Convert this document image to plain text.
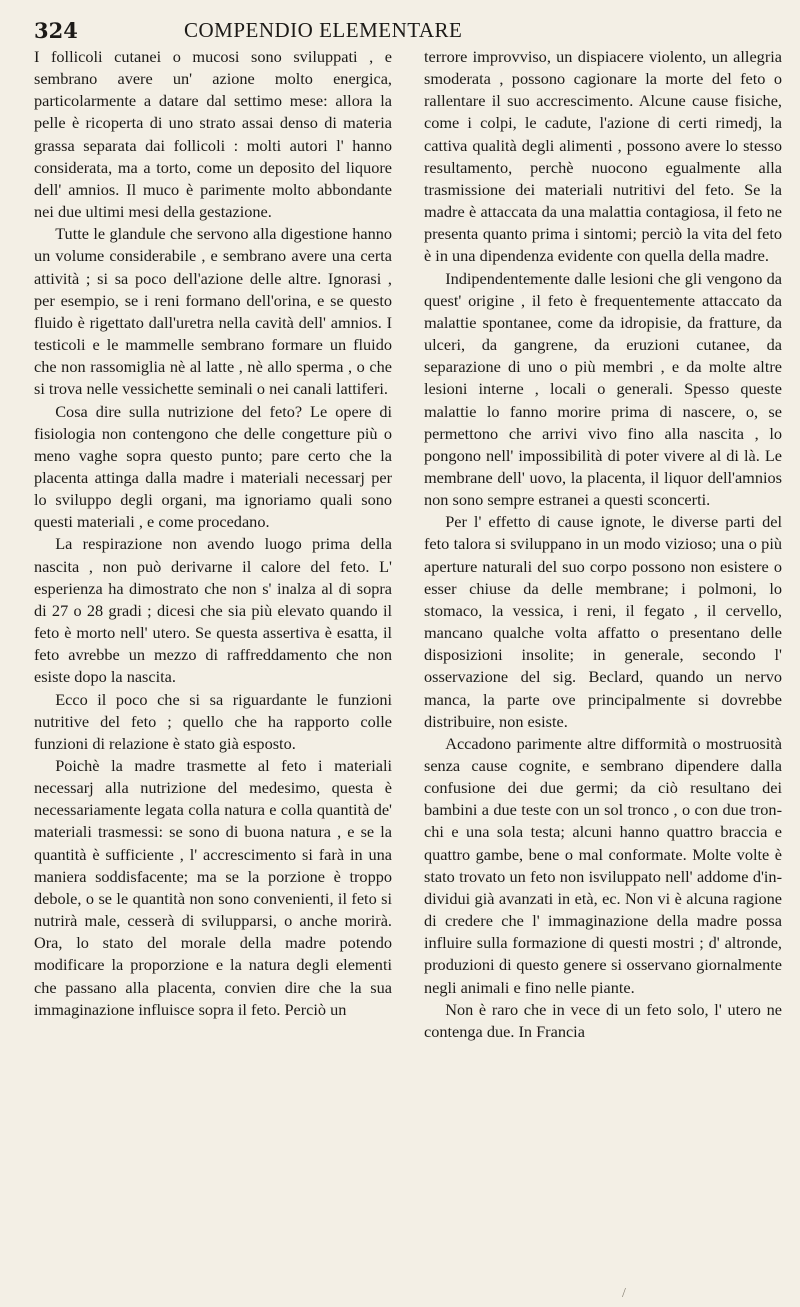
324	COMPENDIO ELEMENTARE

I follicoli cutanei o mucosi sono sviluppati , e sembrano avere un' azione molto energica, particolarmente a datare dal settimo mese: allora la pelle è ricoperta di uno strato assai denso di materia grassa separata dai follicoli : molti autori l' hanno considerata, ma a torto, come un deposito del liquore dell' amnios. Il muco è parimente molto abbondante nei due ultimi mesi della gestazione.

Tutte le glandule che servono alla digestione hanno un volume considerabile , e sembrano avere una certa attività ; si sa poco dell'azione delle altre. Ignorasi , per esempio, se i reni formano dell'orina, e se questo fluido è rigettato dall'uretra nella cavità dell' amnios. I testicoli e le mammelle sembrano formare un fluido che non rassomiglia nè al latte , nè allo sperma , o che si trova nelle vessichette seminali o nei canali lattiferi.

Cosa dire sulla nutrizione del feto? Le opere di fisiologia non contengono che delle congetture più o meno vaghe sopra questo punto; pare certo che la placenta attinga dalla madre i materiali necessarj per lo sviluppo degli organi, ma ignoriamo quali sono questi materiali , e come procedano.

La respirazione non avendo luogo prima della nascita , non può derivarne il calore del feto. L' esperienza ha dimostrato che non s' inalza al di sopra di 27 o 28 gradi ; dicesi che sia più elevato quando il feto è morto nell' utero. Se questa assertiva è esatta, il feto avrebbe un mezzo di raffreddamento che non esiste dopo la nascita.

Ecco il poco che si sa riguardante le funzioni nutritive del feto ; quello che ha rapporto colle funzioni di relazione è stato già esposto.

Poichè la madre trasmette al feto i materiali necessarj alla nutrizione del medesimo, questa è necessariamente legata colla natura e colla quantità de' materiali trasmessi: se sono di buona natura , e se la quantità è sufficiente , l' accrescimento si farà in una maniera soddisfacente; ma se la porzione è troppo debole, o se le quantità non sono convenienti, il feto si nutrirà male, cesserà di svilupparsi, o anche morirà. Ora, lo stato del morale della madre potendo modificare la proporzione e la natura degli elementi che passano alla placenta, convien dire che la sua immaginazione influisce sopra il feto. Perciò un

terrore improvviso, un dispiacere violento, un allegria smoderata , possono cagionare la morte del feto o rallentare il suo accrescimento. Alcune cause fisiche, come i colpi, le cadute, l'azione di certi rimedj, la cattiva qualità degli alimenti , possono avere lo stesso resultamento, perchè nuocono egualmente alla trasmissione dei materiali nutritivi del feto. Se la madre è attaccata da una malattia contagiosa, il feto ne presenta quanto prima i sintomi; perciò la vita del feto è in una dipendenza evidente con quella della madre.

Indipendentemente dalle lesioni che gli vengono da quest' origine , il feto è frequentemente attaccato da malattie spontanee, come da idropisie, da fratture, da ulceri, da gangrene, da eruzioni cutanee, da separazione di uno o più membri , e da molte altre lesioni interne , locali o generali. Spesso queste malattie lo fanno morire prima di nascere, o, se permettono che arrivi vivo fino alla nascita , lo pongono nell' impossibilità di poter vivere al di là. Le membrane dell' uovo, la placenta, il liquor dell'amnios non sono sempre estranei a questi sconcerti.

Per l' effetto di cause ignote, le diverse parti del feto talora si sviluppano in un modo vizioso; una o più aperture naturali del suo corpo possono non esistere o esser chiuse da delle membrane; i polmoni, lo stomaco, la vessica, i reni, il fegato , il cervello, mancano qualche volta affatto o presentano delle disposizioni insolite; in generale, secondo l' osservazione del sig. Beclard, quando un nervo manca, la parte ove principalmente si dovrebbe distribuire, non esiste.

Accadono parimente altre difformità o mostruosità senza cause cognite, e sembrano dipendere dalla confusione dei due germi; da ciò resultano dei bambini a due teste con un sol tronco , o con due tronchi e una sola testa; alcuni hanno quattro braccia e quattro gambe, bene o mal conformate. Molte volte è stato trovato un feto non isviluppato nell' addome d'individui già avanzati in età, ec. Non vi è alcuna ragione di credere che l' immaginazione della madre possa influire sulla formazione di questi mostri ; d' altronde, produzioni di questo genere si osservano giornalmente negli animali e fino nelle piante.

Non è raro che in vece di un feto solo, l' utero ne contenga due. In Francia

/
